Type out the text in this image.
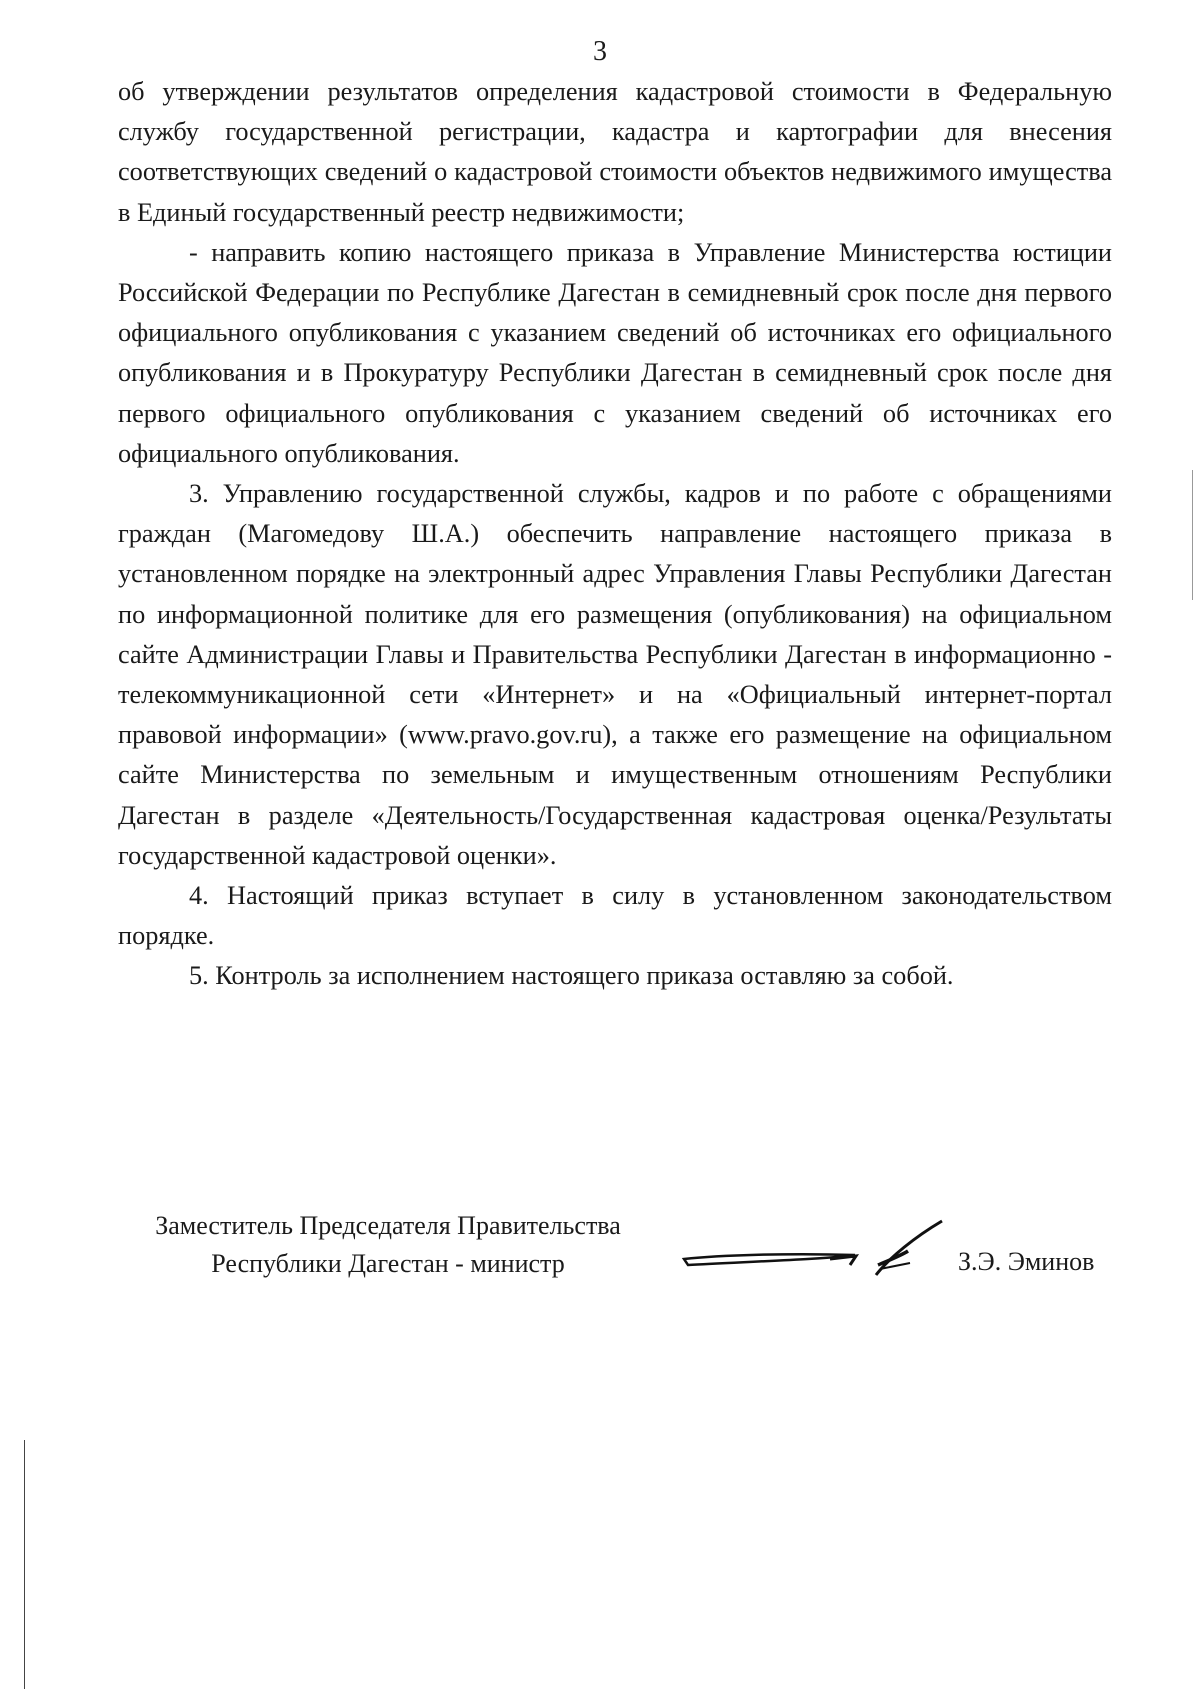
3

об утверждении результатов определения кадастровой стоимости в Федеральную службу государственной регистрации, кадастра и картографии для внесения соответствующих сведений о кадастровой стоимости объектов недвижимого имущества в Единый государственный реестр недвижимости;

- направить копию настоящего приказа в Управление Министерства юстиции Российской Федерации по Республике Дагестан в семидневный срок после дня первого официального опубликования с указанием сведений об источниках его официального опубликования и в Прокуратуру Республики Дагестан в семидневный срок после дня первого официального опубликования с указанием сведений об источниках его официального опубликования.

3. Управлению государственной службы, кадров и по работе с обращениями граждан (Магомедову Ш.А.) обеспечить направление настоящего приказа в установленном порядке на электронный адрес Управления Главы Республики Дагестан по информационной политике для его размещения (опубликования) на официальном сайте Администрации Главы и Правительства Республики Дагестан в информационно - телекоммуникационной сети «Интернет» и на «Официальный интернет-портал правовой информации» (www.pravo.gov.ru), а также его размещение на официальном сайте Министерства по земельным и имущественным отношениям Республики Дагестан в разделе «Деятельность/Государственная кадастровая оценка/Результаты государственной кадастровой оценки».

4. Настоящий приказ вступает в силу в установленном законодательством порядке.

5. Контроль за исполнением настоящего приказа оставляю за собой.

Заместитель Председателя Правительства
Республики Дагестан - министр	З.Э. Эминов
